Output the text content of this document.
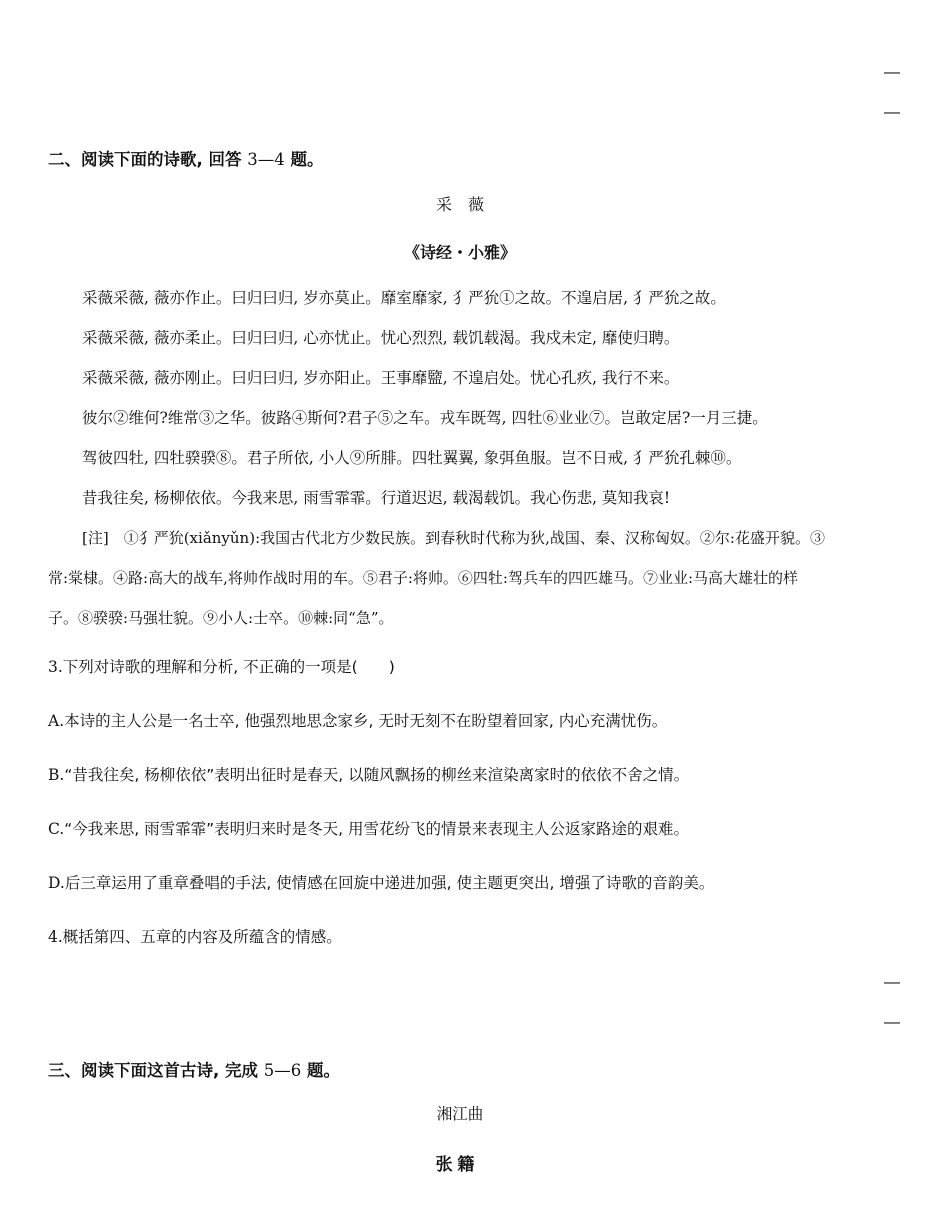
—
—
二、阅读下面的诗歌, 回答 3—4 题。
采　薇
《诗经・小雅》
采薇采薇, 薇亦作止。曰归曰归, 岁亦莫止。靡室靡家, 犭严狁①之故。不遑启居, 犭严狁之故。
采薇采薇, 薇亦柔止。曰归曰归, 心亦忧止。忧心烈烈, 载饥载渴。我戍未定, 靡使归聘。
采薇采薇, 薇亦刚止。曰归曰归, 岁亦阳止。王事靡盬, 不遑启处。忧心孔疚, 我行不来。
彼尔②维何?维常③之华。彼路④斯何?君子⑤之车。戎车既驾, 四牡⑥业业⑦。岂敢定居?一月三捷。
驾彼四牡, 四牡骙骙⑧。君子所依, 小人⑨所腓。四牡翼翼, 象弭鱼服。岂不日戒, 犭严狁孔棘⑩。
昔我往矣, 杨柳依依。今我来思, 雨雪霏霏。行道迟迟, 载渴载饥。我心伤悲, 莫知我哀!
[注]　①犭严狁(xiǎnyǔn):我国古代北方少数民族。到春秋时代称为狄,战国、秦、汉称匈奴。②尔:花盛开貌。③
常:棠棣。④路:高大的战车,将帅作战时用的车。⑤君子:将帅。⑥四牡:驾兵车的四匹雄马。⑦业业:马高大雄壮的样
子。⑧骙骙:马强壮貌。⑨小人:士卒。⑩棘:同“急”。
3.下列对诗歌的理解和分析, 不正确的一项是(　　)
A.本诗的主人公是一名士卒, 他强烈地思念家乡, 无时无刻不在盼望着回家, 内心充满忧伤。
B.“昔我往矣, 杨柳依依”表明出征时是春天, 以随风飘扬的柳丝来渲染离家时的依依不舍之情。
C.“今我来思, 雨雪霏霏”表明归来时是冬天, 用雪花纷飞的情景来表现主人公返家路途的艰难。
D.后三章运用了重章叠唱的手法, 使情感在回旋中递进加强, 使主题更突出, 增强了诗歌的音韵美。
4.概括第四、五章的内容及所蕴含的情感。
—
—
三、阅读下面这首古诗, 完成 5—6 题。
湘江曲
张 籍
